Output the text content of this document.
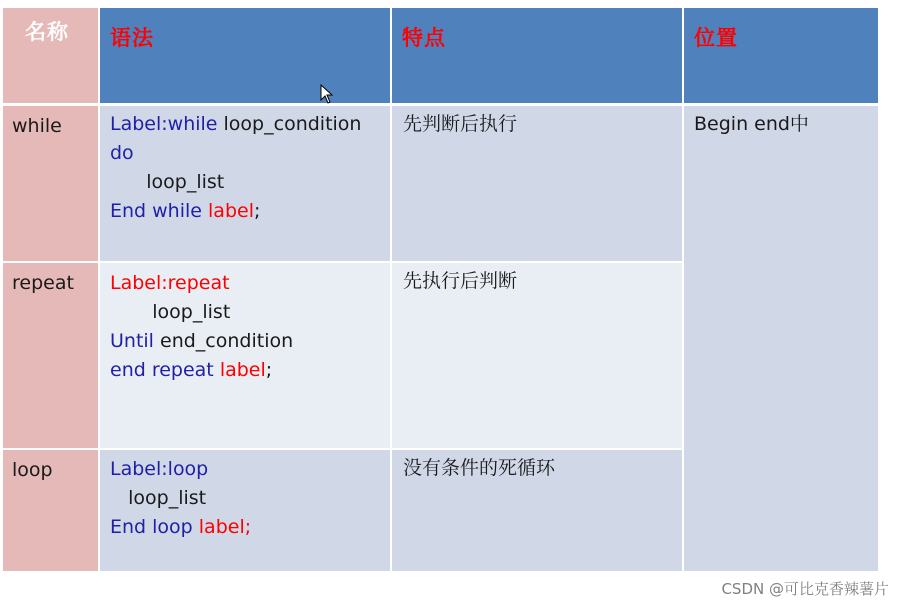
名称 语法	特点	位置
while
repeat
loop
Label:while loop_condition
do
loop_list
End while label;
Label:repeat
loop_list
Until end_condition
end repeat label;
Label:loop
loop_list
End loop label;
先判断后执行
先执行后判断
没有条件的死循环
Begin end中
CSDN @可比克香辣薯片
